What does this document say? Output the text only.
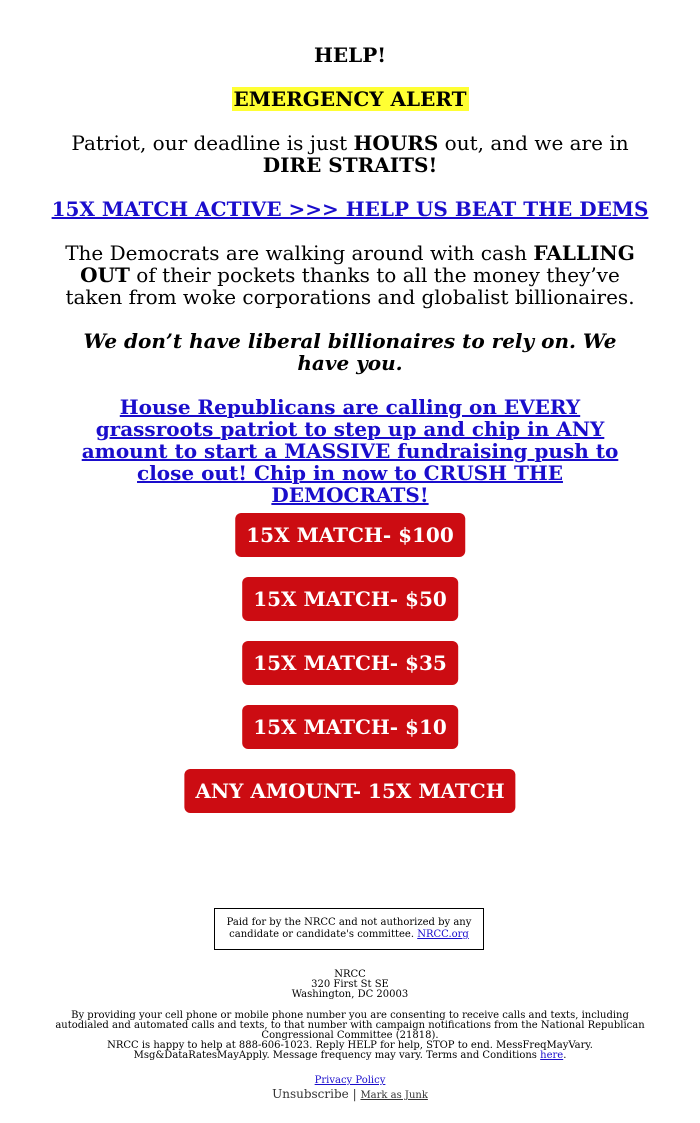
HELP!

EMERGENCY ALERT

Patriot, our deadline is just HOURS out, and we are in DIRE STRAITS!

15X MATCH ACTIVE >>> HELP US BEAT THE DEMS

The Democrats are walking around with cash FALLING OUT of their pockets thanks to all the money they’ve taken from woke corporations and globalist billionaires.

We don’t have liberal billionaires to rely on. We have you.

House Republicans are calling on EVERY grassroots patriot to step up and chip in ANY amount to start a MASSIVE fundraising push to close out! Chip in now to CRUSH THE DEMOCRATS!

15X MATCH- $100
15X MATCH- $50
15X MATCH- $35
15X MATCH- $10
ANY AMOUNT- 15X MATCH
Paid for by the NRCC and not authorized by any candidate or candidate's committee. NRCC.org
NRCC
320 First St SE
Washington, DC 20003

By providing your cell phone or mobile phone number you are consenting to receive calls and texts, including autodialed and automated calls and texts, to that number with campaign notifications from the National Republican Congressional Committee (21818).

NRCC is happy to help at 888-606-1023. Reply HELP for help, STOP to end. MessFreqMayVary. Msg&DataRatesMayApply. Message frequency may vary. Terms and Conditions here.

Privacy Policy
Unsubscribe | Mark as Junk
